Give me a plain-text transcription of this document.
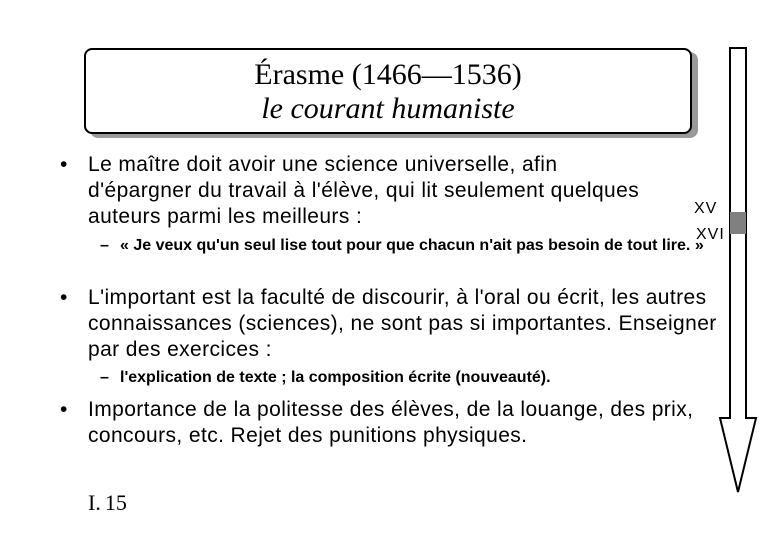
Érasme (1466—1536)
le courant humaniste
• Le maître doit avoir une science universelle, afin d'épargner du travail à l'élève, qui lit seulement quelques auteurs parmi les meilleurs :
– « Je veux qu'un seul lise tout pour que chacun n'ait pas besoin de tout lire. »
• L'important est la faculté de discourir, à l'oral ou écrit, les autres connaissances (sciences), ne sont pas si importantes. Enseigner par des exercices :
– l'explication de texte ; la composition écrite (nouveauté).
• Importance de la politesse des élèves, de la louange, des prix, concours, etc. Rejet des punitions physiques.
XV
XVI
I. 15
